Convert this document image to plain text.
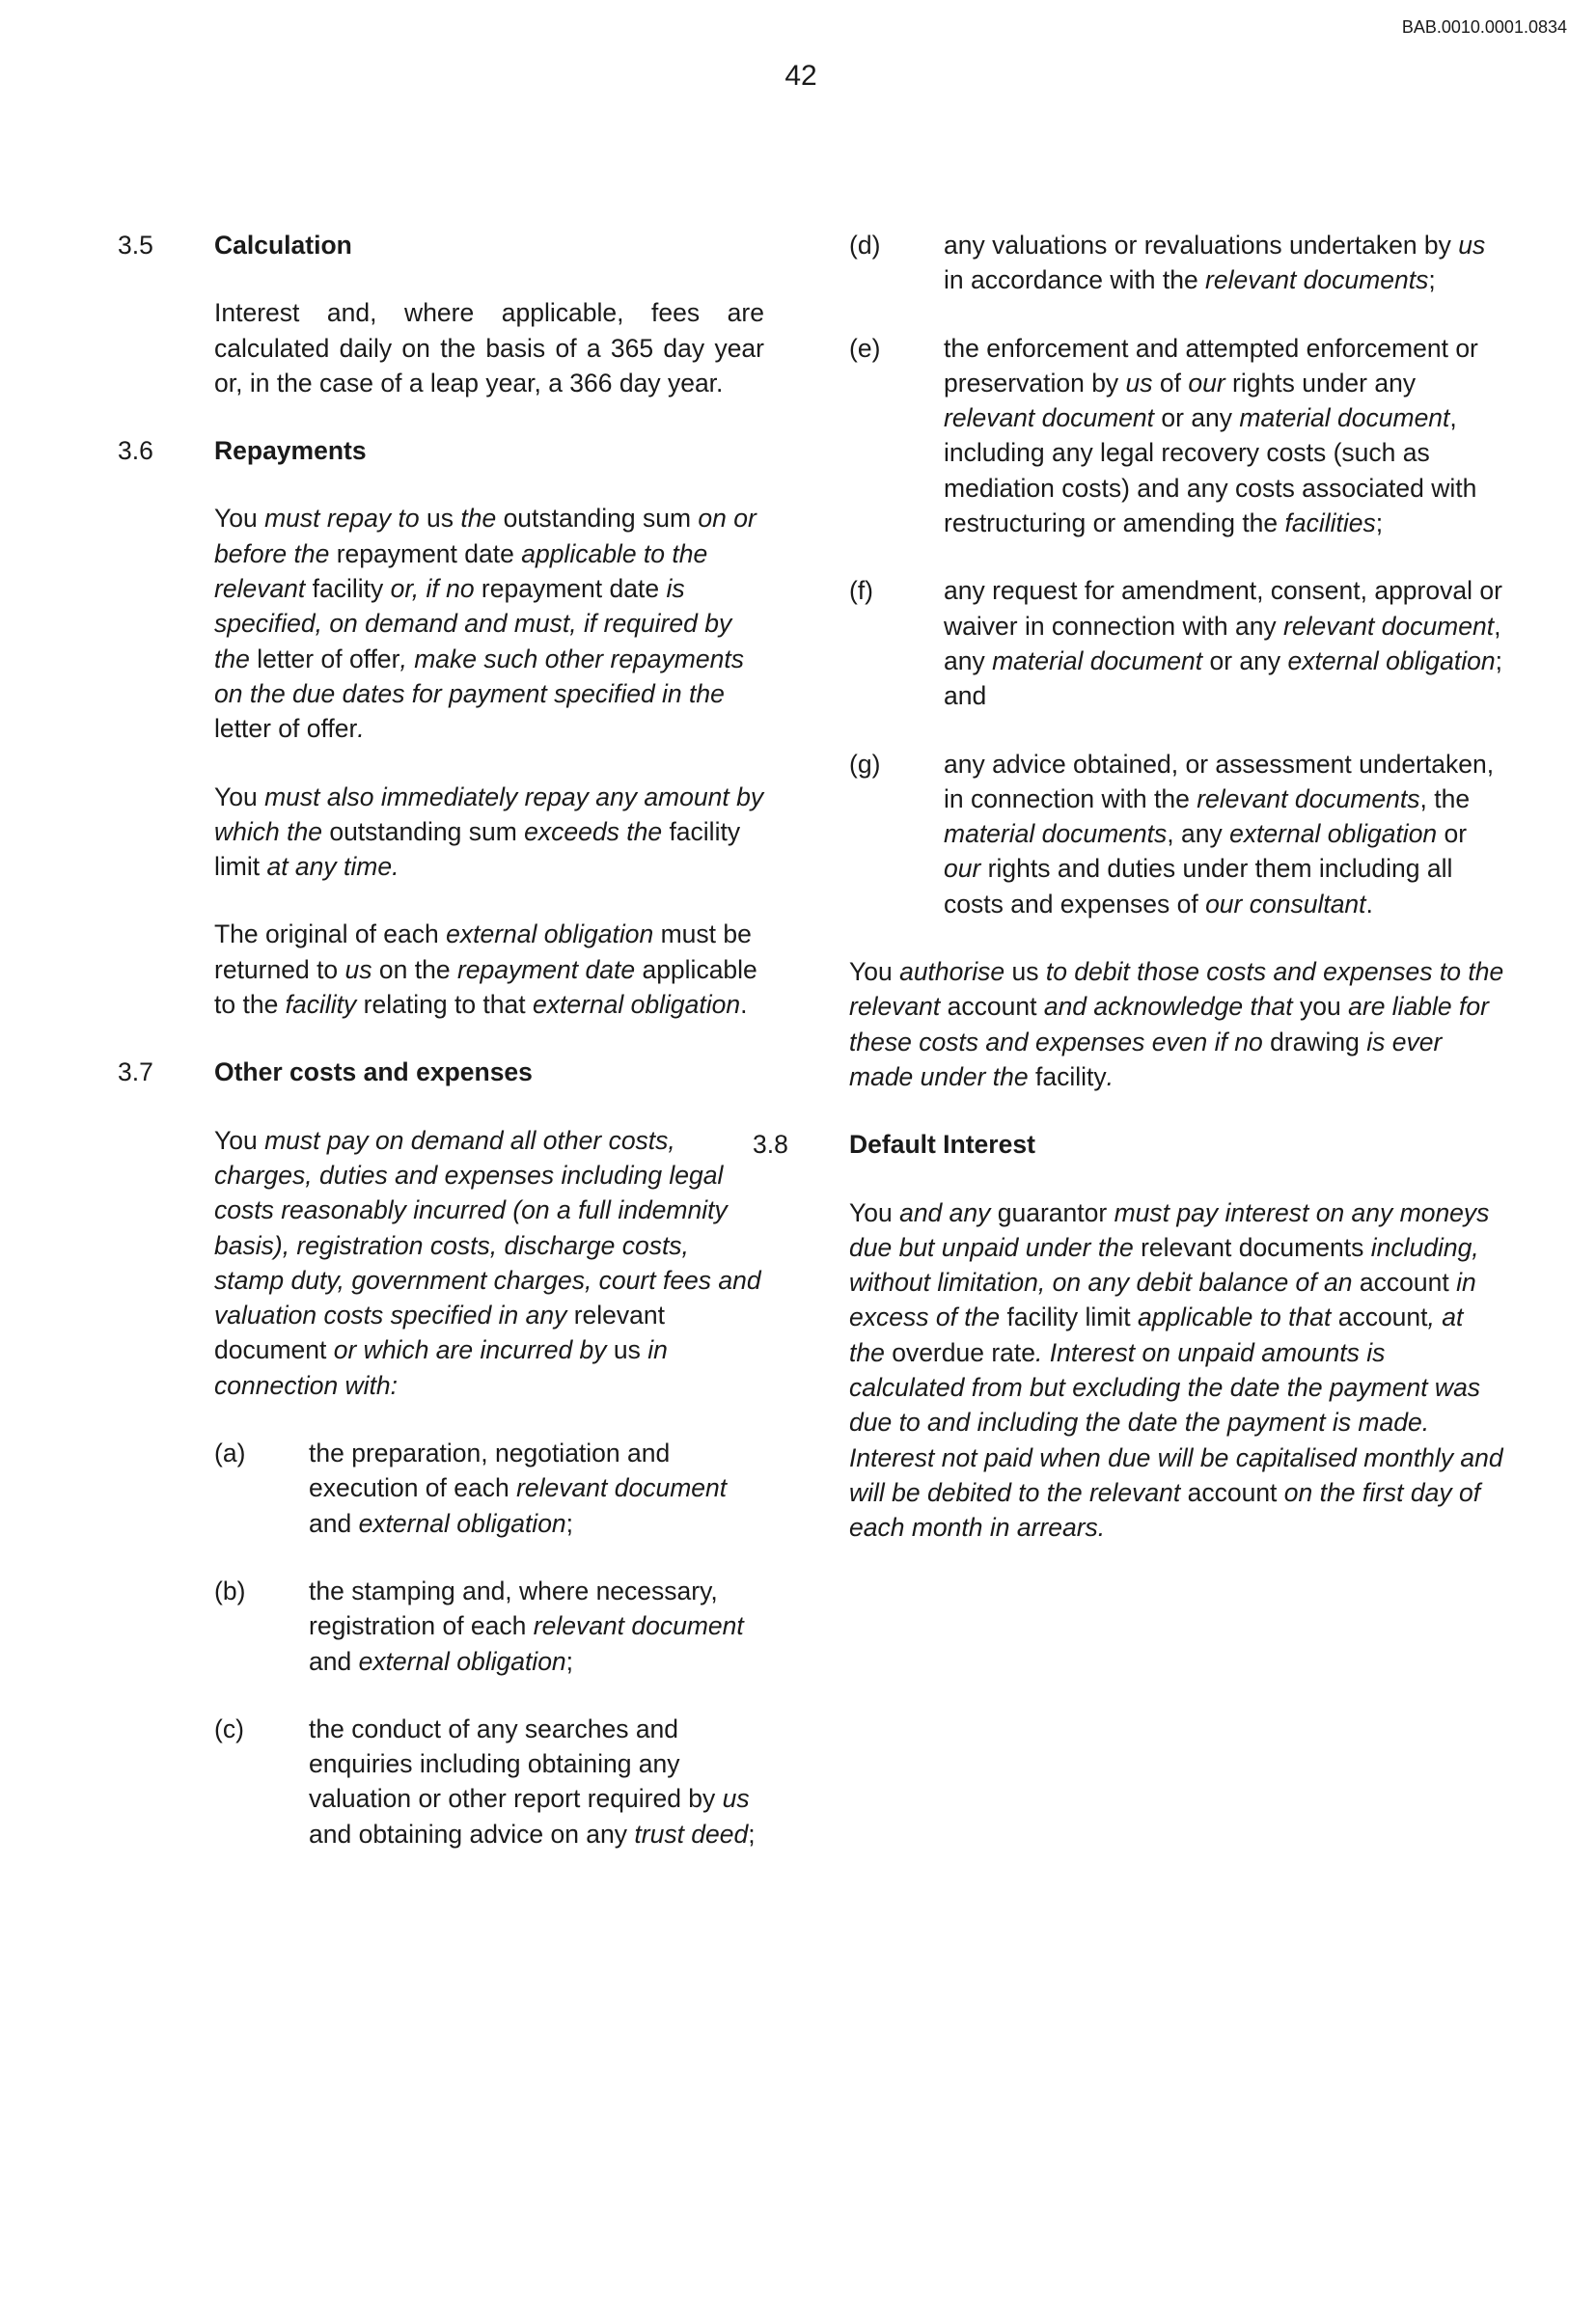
BAB.0010.0001.0834
42
3.5 Calculation

Interest and, where applicable, fees are calculated daily on the basis of a 365 day year or, in the case of a leap year, a 366 day year.

3.6 Repayments

You must repay to us the outstanding sum on or before the repayment date applicable to the relevant facility or, if no repayment date is specified, on demand and must, if required by the letter of offer, make such other repayments on the due dates for payment specified in the letter of offer.

You must also immediately repay any amount by which the outstanding sum exceeds the facility limit at any time.

The original of each external obligation must be returned to us on the repayment date applicable to the facility relating to that external obligation.

3.7 Other costs and expenses

You must pay on demand all other costs, charges, duties and expenses including legal costs reasonably incurred (on a full indemnity basis), registration costs, discharge costs, stamp duty, government charges, court fees and valuation costs specified in any relevant document or which are incurred by us in connection with:

(a) the preparation, negotiation and execution of each relevant document and external obligation;

(b) the stamping and, where necessary, registration of each relevant document and external obligation;

(c)	the conduct of any searches and enquiries including obtaining any valuation or other report required by us and obtaining advice on any trust deed;

(d) any valuations or revaluations undertaken by us in accordance with the relevant documents;

(e) the enforcement and attempted enforcement or preservation by us of our rights under any relevant document or any material document, including any legal recovery costs (such as mediation costs) and any costs associated with restructuring or amending the facilities;

(f)	any request for amendment, consent, approval or waiver in connection with any relevant document, any material document or any external obligation; and

(g) any advice obtained, or assessment undertaken, in connection with the relevant documents, the material documents, any external obligation or our rights and duties under them including all costs and expenses of our consultant.

You authorise us to debit those costs and expenses to the relevant account and acknowledge that you are liable for these costs and expenses even if no drawing is ever made under the facility.

3.8 Default Interest

You and any guarantor must pay interest on any moneys due but unpaid under the relevant documents including, without limitation, on any debit balance of an account in excess of the facility limit applicable to that account, at the overdue rate. Interest on unpaid amounts is calculated from but excluding the date the payment was due to and including the date the payment is made. Interest not paid when due will be capitalised monthly and will be debited to the relevant account on the first day of each month in arrears.
